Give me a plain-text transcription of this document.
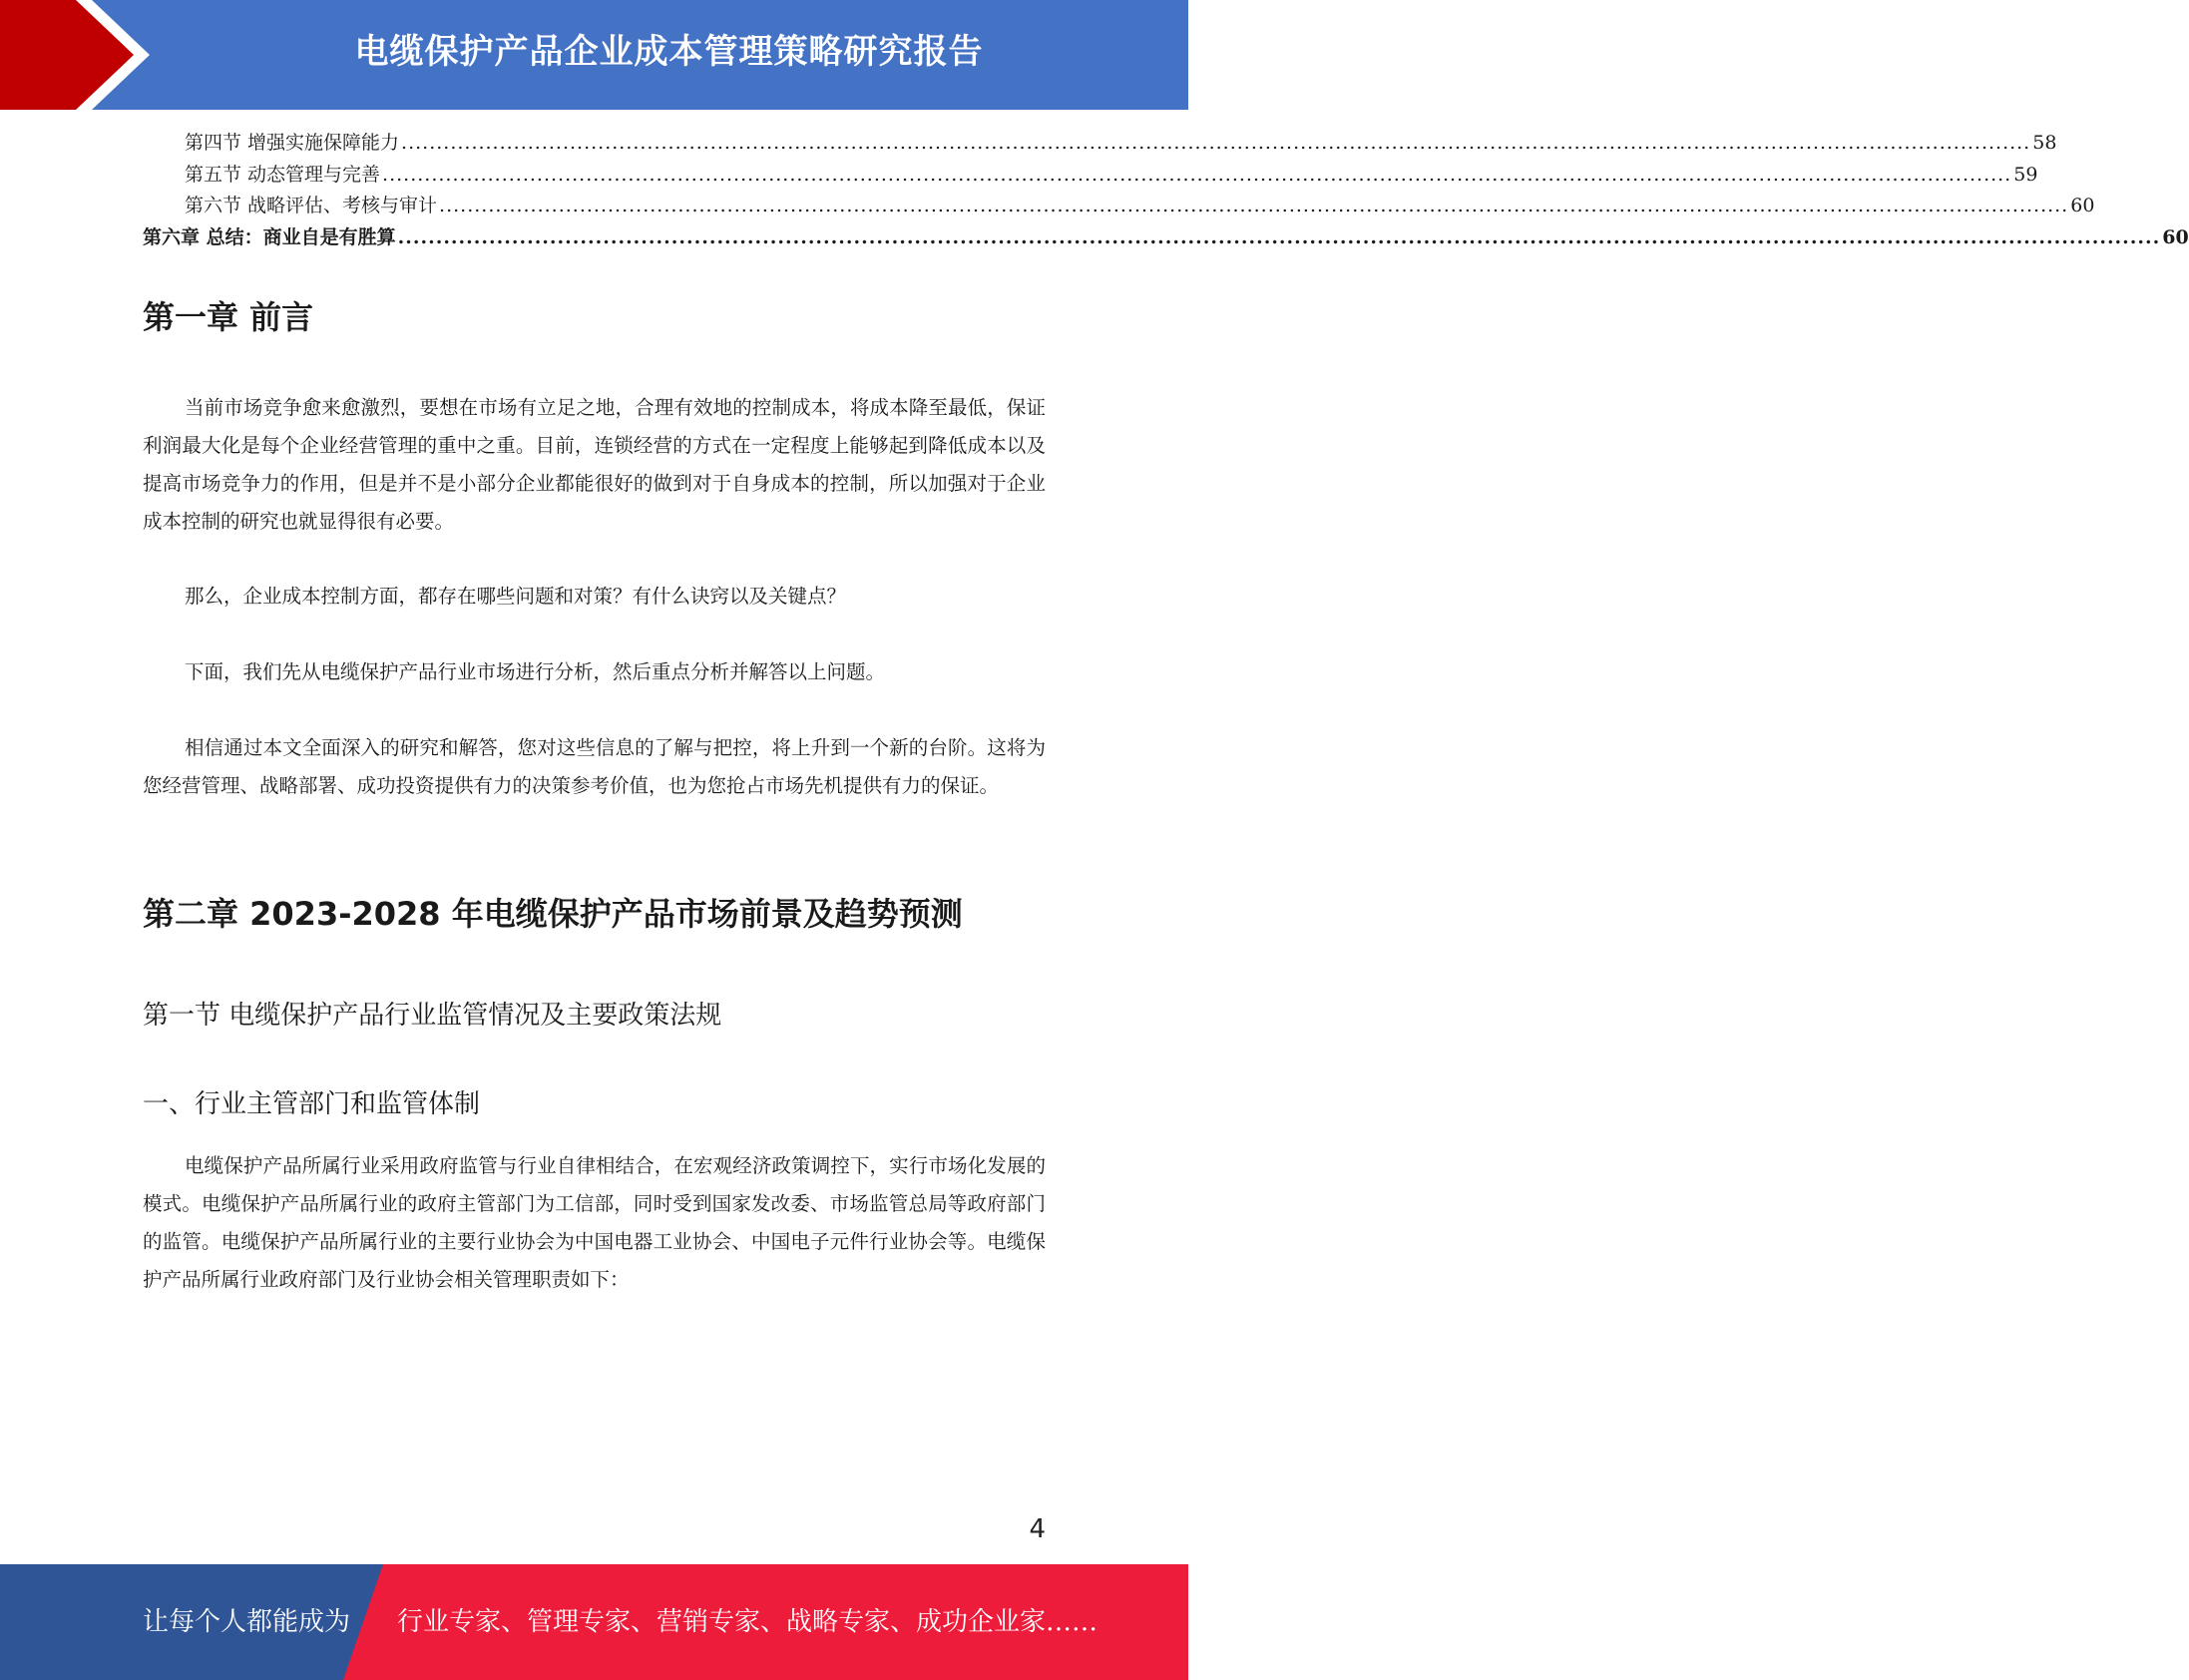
电缆保护产品企业成本管理策略研究报告
第四节 增强实施保障能力 ........................................................................................................................................................................................................................................ 58
第五节 动态管理与完善 ........................................................................................................................................................................................................................................ 59
第六节 战略评估、考核与审计 ........................................................................................................................................................................................................................................ 60
第六章 总结：商业自是有胜算 ........................................................................................................................................................................................................................................ 60
第一章 前言

当前市场竞争愈来愈激烈，要想在市场有立足之地，合理有效地的控制成本，将成本降至最低，保证利润最大化是每个企业经营管理的重中之重。目前，连锁经营的方式在一定程度上能够起到降低成本以及提高市场竞争力的作用，但是并不是小部分企业都能很好的做到对于自身成本的控制，所以加强对于企业成本控制的研究也就显得很有必要。

那么，企业成本控制方面，都存在哪些问题和对策？有什么诀窍以及关键点？

下面，我们先从电缆保护产品行业市场进行分析，然后重点分析并解答以上问题。

相信通过本文全面深入的研究和解答，您对这些信息的了解与把控，将上升到一个新的台阶。这将为您经营管理、战略部署、成功投资提供有力的决策参考价值，也为您抢占市场先机提供有力的保证。

第二章 2023-2028 年电缆保护产品市场前景及趋势预测
第一节 电缆保护产品行业监管情况及主要政策法规
一、行业主管部门和监管体制

电缆保护产品所属行业采用政府监管与行业自律相结合，在宏观经济政策调控下，实行市场化发展的模式。电缆保护产品所属行业的政府主管部门为工信部，同时受到国家发改委、市场监管总局等政府部门的监管。电缆保护产品所属行业的主要行业协会为中国电器工业协会、中国电子元件行业协会等。电缆保护产品所属行业政府部门及行业协会相关管理职责如下：

4
让每个人都能成为 行业专家、管理专家、营销专家、战略专家、成功企业家……
